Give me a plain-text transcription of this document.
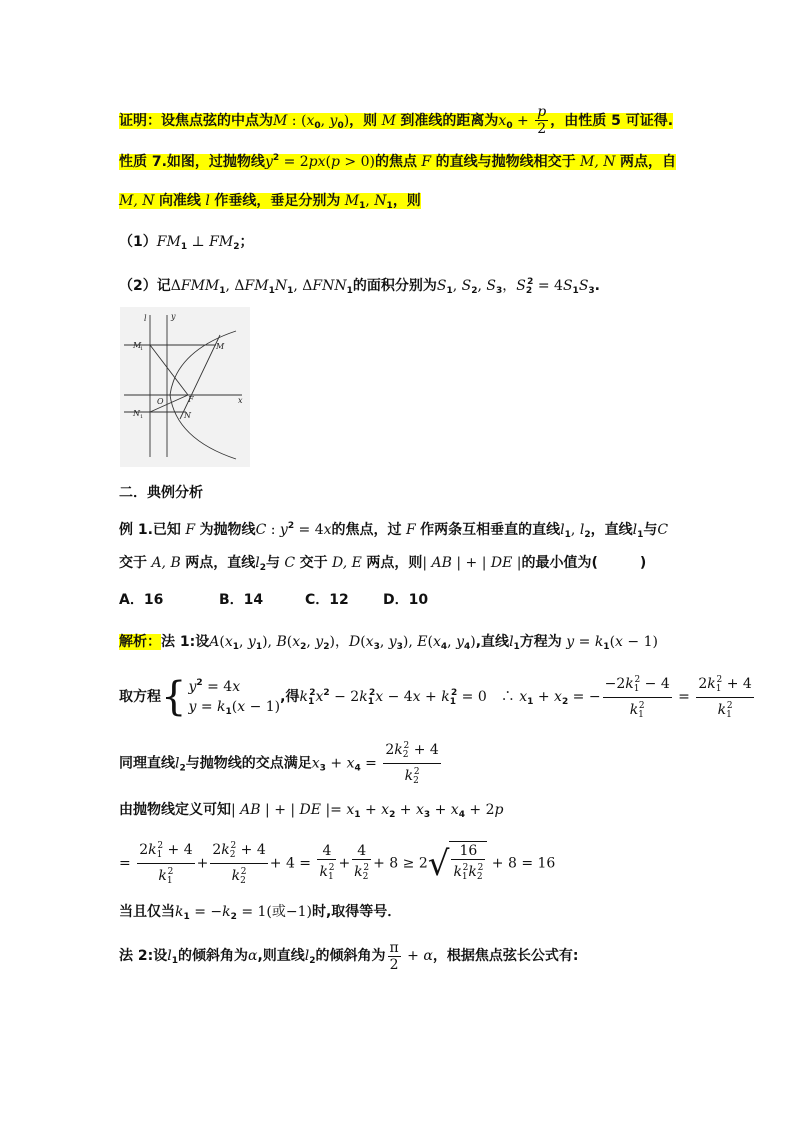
证明：设焦点弦的中点为M : ($x_0$, $y_0$)，则 M 到准线的距离为$x_0 + \frac{p}{2}$ ，由性质 5 可证得.
性质 7.如图，过抛物线$y^2 = 2px(p > 0)$的焦点 F 的直线与抛物线相交于 M, N 两点，自
M, N 向准线 l 作垂线，垂足分别为 $M_1$, $N_1$，则
$(1)FM_1$ ⊥ $FM_2$；
（2）记$\Delta FMM_1$, $\Delta FM_1N_1$, $\Delta FNN_1$的面积分别为$S_1$, $S_2$, $S_3$，$S_2^2 = 4S_1S_3$.
l	y
x
O	F
M
N
M
1
N 1
二．典例分析
例 1.已知 F 为抛物线C : $y^2 = 4x$的焦点，过 F 作两条互相垂直的直线$l_1$, $l_2$，直线$l_1$与C
交于 A, B 两点，直线$l_2$与 C 交于 D, E 两点，则| AB | + | DE |的最小值为(　　　)
A．16	B．14	C．12 D．10
解析：法 1:设$A(x_1$, $y_1$), $B(x_2$, $y_2$)，$D(x_3$, $y_3$), $E(x_4$, $y_4$),直线$l_1$方程为 $y = k_1(x - 1)$
取方程{ $y^2 = 4x$
$y = k_1(x - 1)$
,得$k_1^2x^2 - 2k_1^2x - 4x + k_1^2 = 0$　∴ $x_1 + x_2$ = − $\frac{-2k_1^2 - 4}{k_1^2} = \frac{2k_1^2 + 4}{k_1^2}$
同理直线$l_2$与抛物线的交点满足$x_3 + x_4 = \frac{2k_2^2 + 4}{k_2^2}$
由抛物线定义可知| AB | + | DE |= $x_1 + x_2 + x_3 + x_4 + 2p$
= $\frac{2k_1^2 + 4}{k_1^2} + \frac{2k_2^2 + 4}{k_2^2} + 4 = \frac{4}{k_1^2} + \frac{4}{k_2^2} + 8 \ge 2√ \frac{16}{k_1^2k_2^2} + 8 = 16$
当且仅当$k_1 = -k_2 = 1$(或−1)时,取得等号．
法 2:设$l_1$的倾斜角为α,则直线$l_2$的倾斜角为 $\frac{\pi}{2} + \alpha$，根据焦点弦长公式有:
